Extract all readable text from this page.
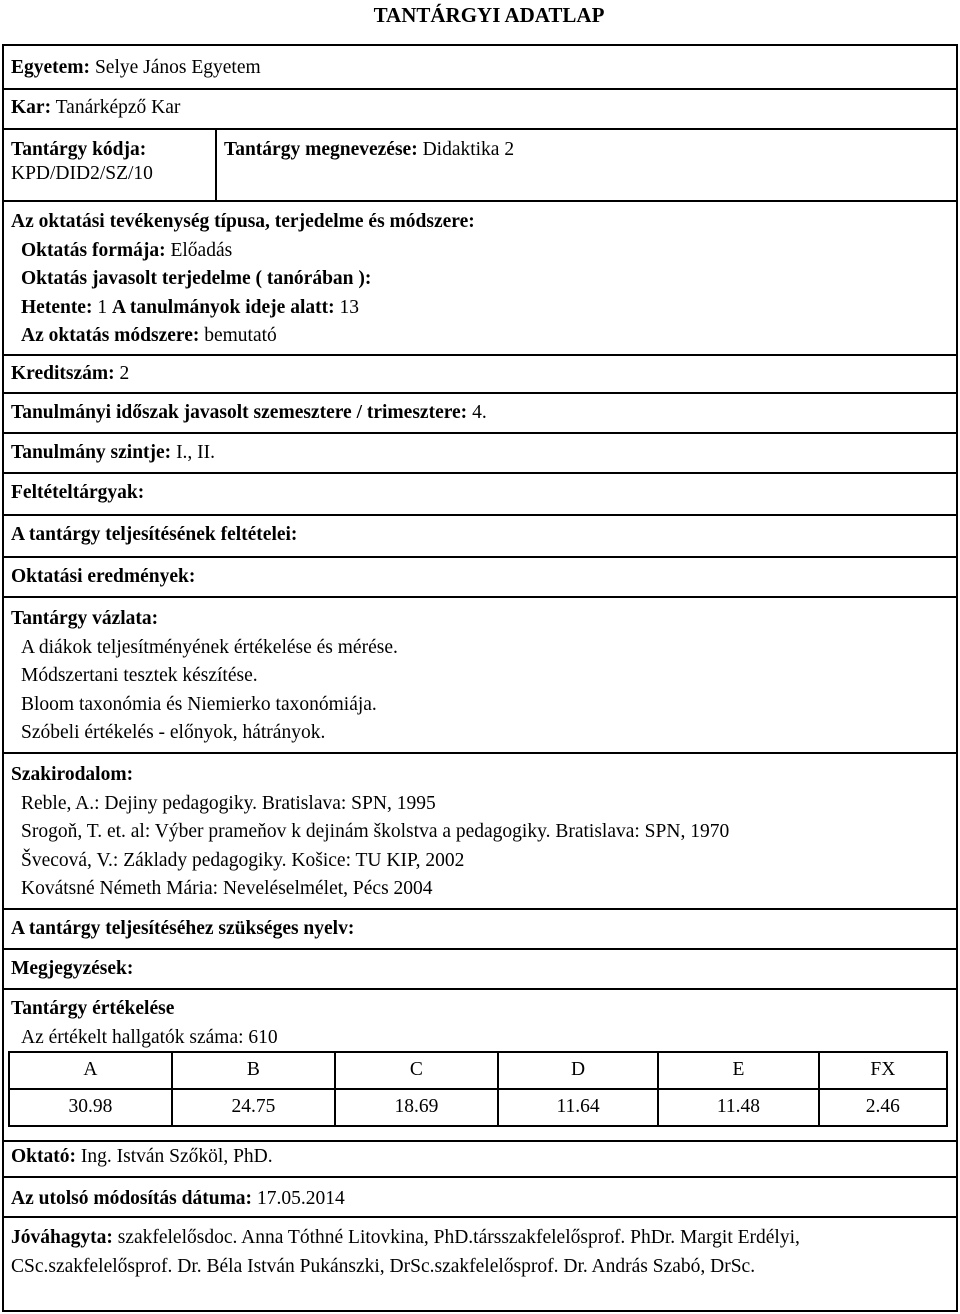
TANTÁRGYI ADATLAP
Egyetem: Selye János Egyetem
Kar: Tanárképző Kar
Tantárgy kódja:
KPD/DID2/SZ/10
Tantárgy megnevezése: Didaktika 2
Az oktatási tevékenység típusa, terjedelme és módszere:

Oktatás formája: Előadás
Oktatás javasolt terjedelme ( tanórában ):
Hetente: 1 A tanulmányok ideje alatt: 13
Az oktatás módszere: bemutató
Kreditszám: 2
Tanulmányi időszak javasolt szemesztere / trimesztere: 4.
Tanulmány szintje: I., II.
Feltételtárgyak:
A tantárgy teljesítésének feltételei:
Oktatási eredmények:
Tantárgy vázlata:
A diákok teljesítményének értékelése és mérése.
Módszertani tesztek készítése.
Bloom taxonómia és Niemierko taxonómiája.
Szóbeli értékelés - előnyok, hátrányok.
Szakirodalom:
Reble, A.: Dejiny pedagogiky. Bratislava: SPN, 1995
Srogoň, T. et. al: Výber prameňov k dejinám školstva a pedagogiky. Bratislava: SPN, 1970
Švecová, V.: Základy pedagogiky. Košice: TU KIP, 2002
Kovátsné Németh Mária: Neveléselmélet, Pécs 2004
A tantárgy teljesítéséhez szükséges nyelv:
Megjegyzések:
Tantárgy értékelése
Az értékelt hallgatók száma: 610
Oktató: Ing. István Szőköl, PhD.
Az utolsó módosítás dátuma: 17.05.2014
Jóváhagyta: szakfelelősdoc. Anna Tóthné Litovkina, PhD.társszakfelelősprof. PhDr. Margit Erdélyi, CSc.szakfelelősprof. Dr. Béla István Pukánszki, DrSc.szakfelelősprof. Dr. András Szabó, DrSc.
A	B	C	D	E	FX
30.98	24.75	18.69	11.64	11.48	2.46
